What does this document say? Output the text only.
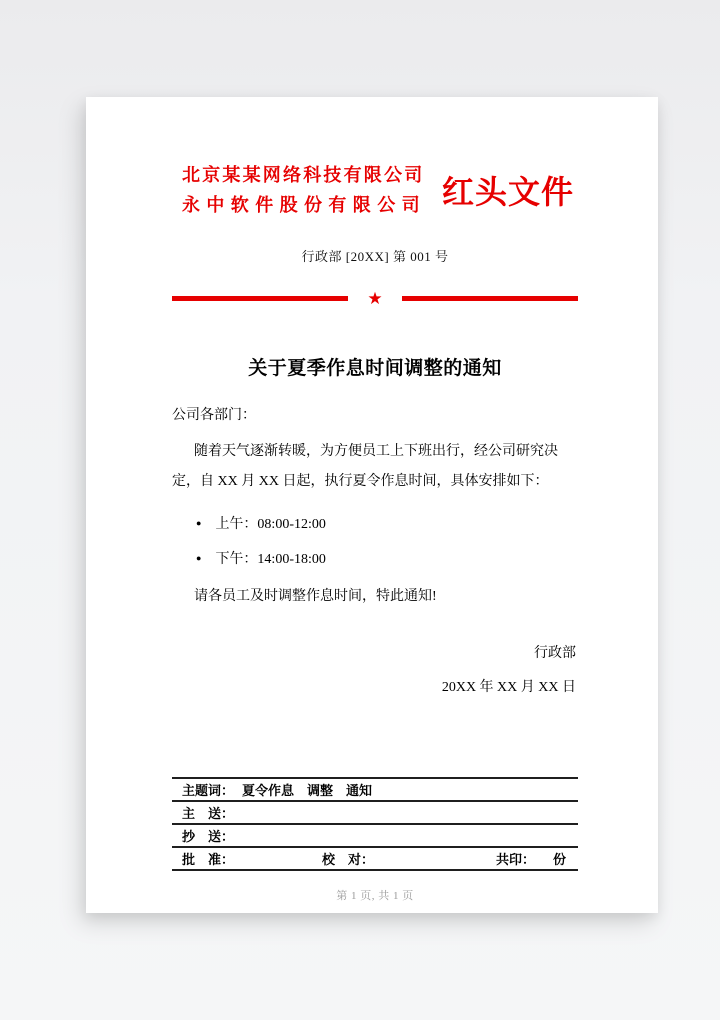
北京某某网络科技有限公司
永中软件股份有限公司 红头文件
行政部 [20XX] 第 001 号
★
关于夏季作息时间调整的通知
公司各部门：

随着天气逐渐转暖，为方便员工上下班出行，经公司研究决定，自 XX 月 XX 日起，执行夏令作息时间，具体安排如下：

● 上午：08:00-12:00
● 下午：14:00-18:00

请各员工及时调整作息时间，特此通知!

行政部
20XX 年 XX 月 XX 日
主题词： 夏令作息　调整　通知
主　送：
抄　送：
批　准：	校　对：	共印： 份
第 1 页, 共 1 页
